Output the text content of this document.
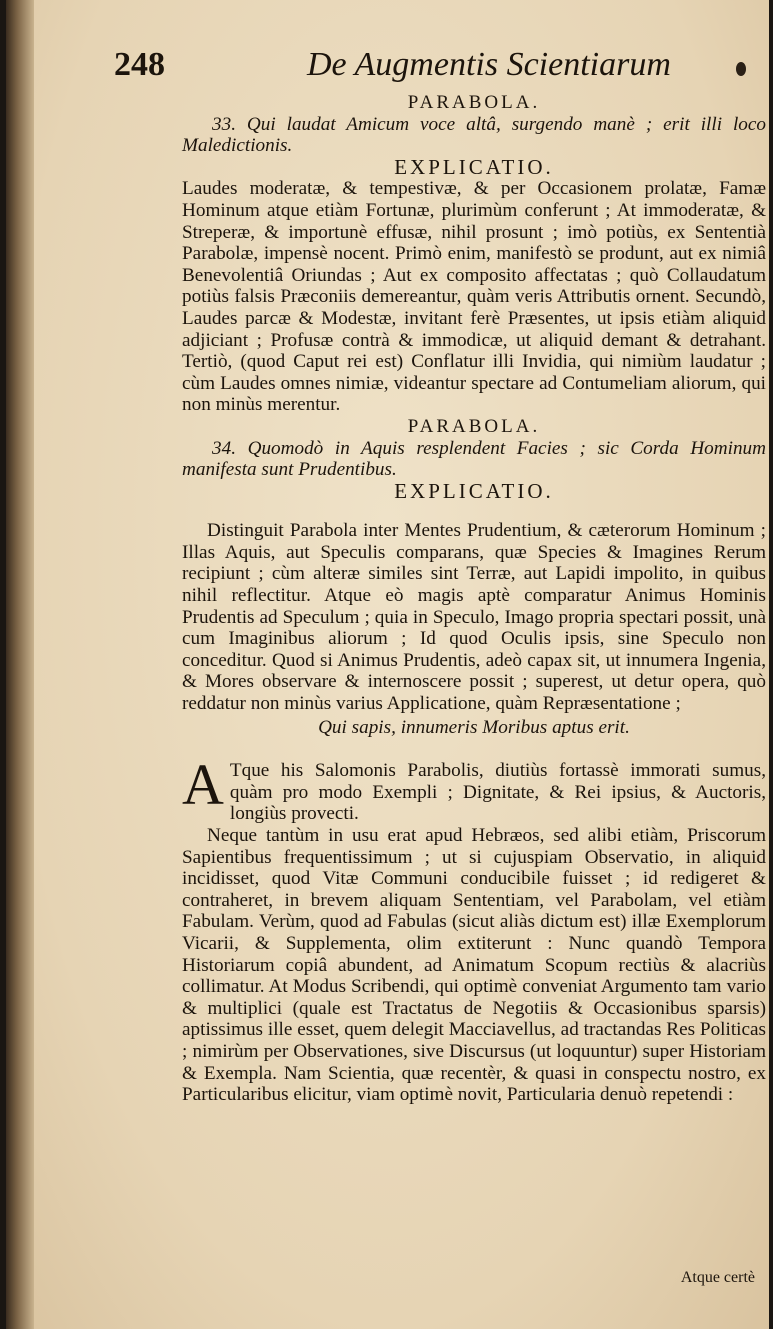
248	De Augmentis Scientiarum

PARABOLA.

33. Qui laudat Amicum voce altâ, surgendo manè ; erit illi loco Maledictionis.

EXPLICATIO.

Laudes moderatæ, & tempestivæ, & per Occasionem prolatæ, Famæ Hominum atque etiàm Fortunæ, plurimùm conferunt ; At immoderatæ, & Streperæ, & importunè effusæ, nihil prosunt ; imò potiùs, ex Sententià Parabolæ, impensè nocent. Primò enim, manifestò se produnt, aut ex nimiâ Benevolentiâ Oriundas ; Aut ex composito affectatas ; quò Collaudatum potiùs falsis Præconiis demereantur, quàm veris Attributis ornent. Secundò, Laudes parcæ & Modestæ, invitant ferè Præsentes, ut ipsis etiàm aliquid adjiciant ; Profusæ contrà & immodicæ, ut aliquid demant & detrahant. Tertiò, (quod Caput rei est) Conflatur illi Invidia, qui nimiùm laudatur ; cùm Laudes omnes nimiæ, videantur spectare ad Contumeliam aliorum, qui non minùs merentur.

PARABOLA.

34. Quomodò in Aquis resplendent Facies ; sic Corda Hominum manifesta sunt Prudentibus.

EXPLICATIO.

Distinguit Parabola inter Mentes Prudentium, & cæterorum Hominum ; Illas Aquis, aut Speculis comparans, quæ Species & Imagines Rerum recipiunt ; cùm alteræ similes sint Terræ, aut Lapidi impolito, in quibus nihil reflectitur. Atque eò magis aptè comparatur Animus Hominis Prudentis ad Speculum ; quia in Speculo, Imago propria spectari possit, unà cum Imaginibus aliorum ; Id quod Oculis ipsis, sine Speculo non conceditur. Quod si Animus Prudentis, adeò capax sit, ut innumera Ingenia, & Mores observare & internoscere possit ; superest, ut detur opera, quò reddatur non minùs varius Applicatione, quàm Repræsentatione ;

Qui sapis, innumeris Moribus aptus erit.

A Tque his Salomonis Parabolis, diutiùs fortassè immorati sumus, quàm pro modo Exempli ; Dignitate, & Rei ipsius, & Auctoris, longiùs provecti.

Neque tantùm in usu erat apud Hebræos, sed alibi etiàm, Priscorum Sapientibus frequentissimum ; ut si cujuspiam Observatio, in aliquid incidisset, quod Vitæ Communi conducibile fuisset ; id redigeret & contraheret, in brevem aliquam Sententiam, vel Parabolam, vel etiàm Fabulam. Verùm, quod ad Fabulas (sicut aliàs dictum est) illæ Exemplorum Vicarii, & Supplementa, olim extiterunt : Nunc quandò Tempora Historiarum copiâ abundent, ad Animatum Scopum rectiùs & alacriùs collimatur. At Modus Scribendi, qui optimè conveniat Argumento tam vario & multiplici (quale est Tractatus de Negotiis & Occasionibus sparsis) aptissimus ille esset, quem delegit Macciavellus, ad tractandas Res Politicas ; nimirùm per Observationes, sive Discursus (ut loquuntur) super Historiam & Exempla. Nam Scientia, quæ recentèr, & quasi in conspectu nostro, ex Particularibus elicitur, viam optimè novit, Particularia denuò repetendi :

Atque certè
